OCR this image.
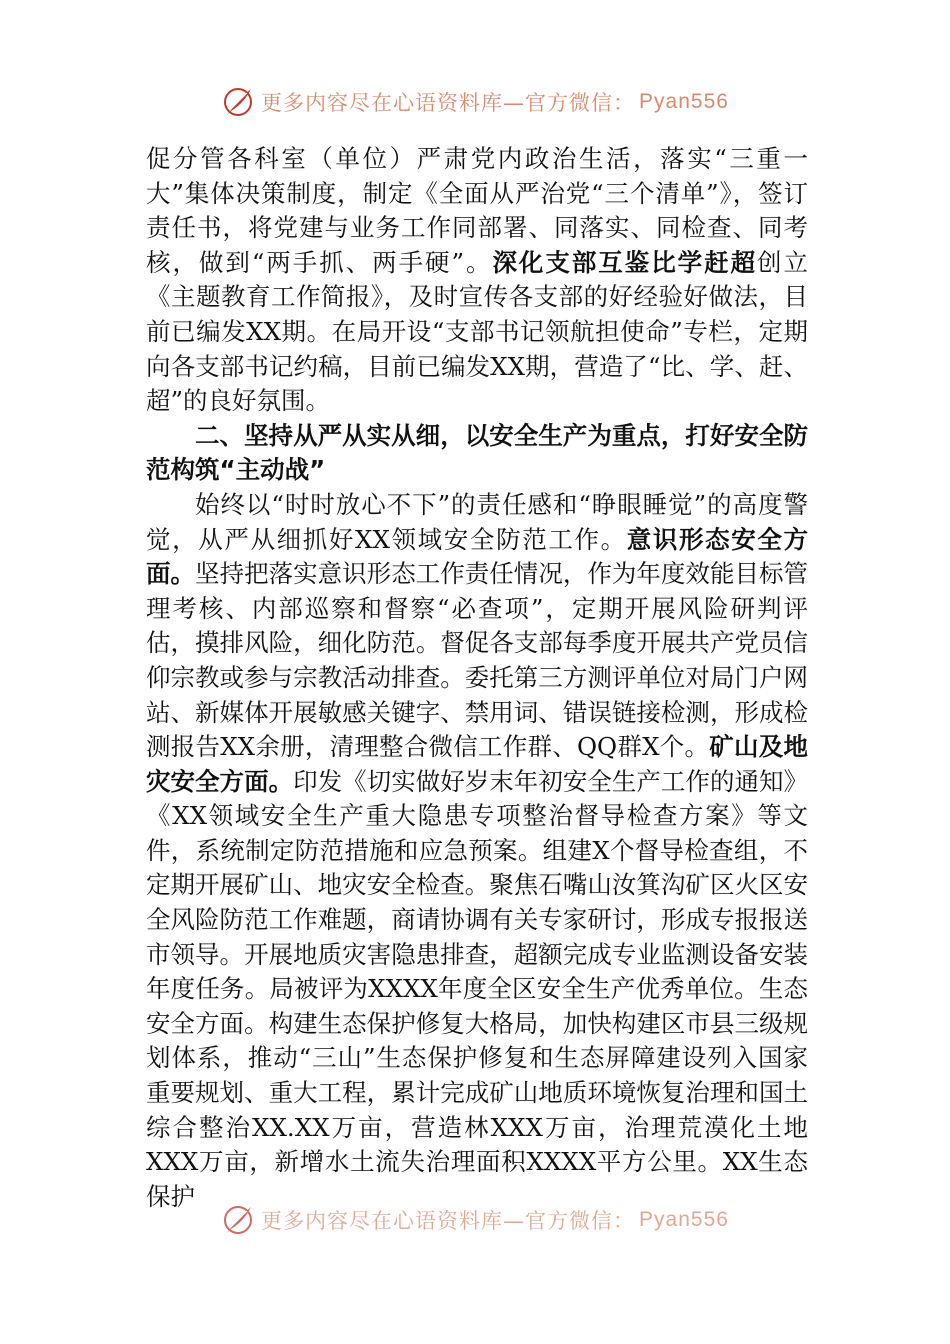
更多内容尽在心语资料库—官方微信： Pyan556

促分管各科室（单位）严肃党内政治生活，落实“三重一大”集体决策制度，制定《全面从严治党“三个清单”》，签订责任书，将党建与业务工作同部署、同落实、同检查、同考核，做到“两手抓、两手硬”。深化支部互鉴比学赶超创立《主题教育工作简报》，及时宣传各支部的好经验好做法，目前已编发XX期。在局开设“支部书记领航担使命”专栏，定期向各支部书记约稿，目前已编发XX期，营造了“比、学、赶、超”的良好氛围。

二、坚持从严从实从细，以安全生产为重点，打好安全防范构筑“主动战”

始终以“时时放心不下”的责任感和“睁眼睡觉”的高度警觉，从严从细抓好XX领域安全防范工作。意识形态安全方面。坚持把落实意识形态工作责任情况，作为年度效能目标管理考核、内部巡察和督察“必查项”，定期开展风险研判评估，摸排风险，细化防范。督促各支部每季度开展共产党员信仰宗教或参与宗教活动排查。委托第三方测评单位对局门户网站、新媒体开展敏感关键字、禁用词、错误链接检测，形成检测报告XX余册，清理整合微信工作群、QQ群X个。矿山及地灾安全方面。印发《切实做好岁末年初安全生产工作的通知》《XX领域安全生产重大隐患专项整治督导检查方案》等文件，系统制定防范措施和应急预案。组建X个督导检查组，不定期开展矿山、地灾安全检查。聚焦石嘴山汝箕沟矿区火区安全风险防范工作难题，商请协调有关专家研讨，形成专报报送市领导。开展地质灾害隐患排查，超额完成专业监测设备安装年度任务。局被评为XXXX年度全区安全生产优秀单位。生态安全方面。构建生态保护修复大格局，加快构建区市县三级规划体系，推动“三山”生态保护修复和生态屏障建设列入国家重要规划、重大工程，累计完成矿山地质环境恢复治理和国土综合整治XX.XX万亩，营造林XXX万亩，治理荒漠化土地XXX万亩，新增水土流失治理面积XXXX平方公里。XX生态保护

更多内容尽在心语资料库—官方微信： Pyan556
